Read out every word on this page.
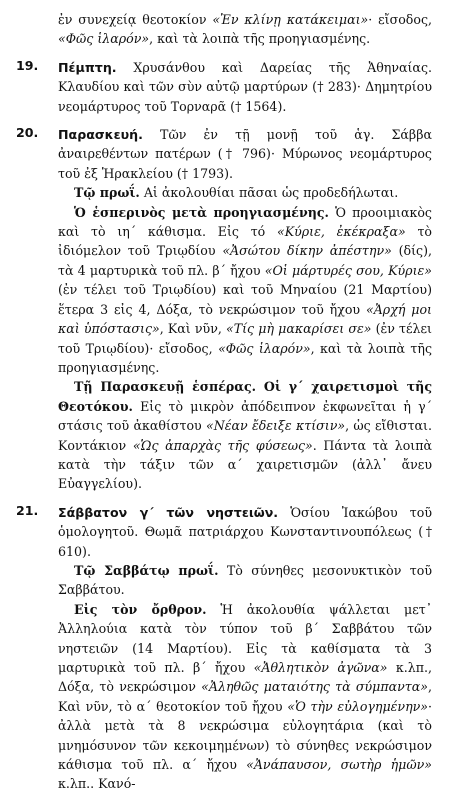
ἐν συνεχείᾳ θεοτοκίον «Ἐν κλίνῃ κατάκειμαι»· εἴσοδος, «Φῶς ἱλαρόν», καὶ τὰ λοιπὰ τῆς προηγιασμένης.
19. Πέμπτη. Χρυσάνθου καὶ Δαρείας τῆς Ἀθηναίας. Κλαυδίου καὶ τῶν σὺν αὐτῷ μαρτύρων († 283)· Δημητρίου νεομάρτυρος τοῦ Τορναρᾶ († 1564).
20. Παρασκευή. Τῶν ἐν τῇ μονῇ τοῦ ἁγ. Σάββα ἀναιρεθέντων πατέρων († 796)· Μύρωνος νεομάρτυρος τοῦ ἐξ Ἡρακλείου († 1793).
Τῷ πρωΐ. Αἱ ἀκολουθίαι πᾶσαι ὡς προδεδήλωται.
Ὁ ἑσπερινὸς μετὰ προηγιασμένης. Ὁ προοιμιακὸς καὶ τὸ ιη΄ κάθισμα. Εἰς τό «Κύριε, ἐκέκραξα» τὸ ἰδιόμελον τοῦ Τριῳδίου «Ἀσώτου δίκην ἀπέστην» (δίς), τὰ 4 μαρτυρικὰ τοῦ πλ. β΄ ἤχου «Οἱ μάρτυρές σου, Κύριε» (ἐν τέλει τοῦ Τριῳδίου) καὶ τοῦ Μηναίου (21 Μαρτίου) ἕτερα 3 εἰς 4, Δόξα, τὸ νεκρώσιμον τοῦ ἤχου «Ἀρχή μοι καὶ ὑπόστασις», Καὶ νῦν, «Τίς μὴ μακαρίσει σε» (ἐν τέλει τοῦ Τριῳδίου)· εἴσοδος, «Φῶς ἱλαρόν», καὶ τὰ λοιπὰ τῆς προηγιασμένης.
Τῇ Παρασκευῇ ἑσπέρας. Οἱ γ΄ χαιρετισμοὶ τῆς Θεοτόκου. Εἰς τὸ μικρὸν ἀπόδειπνον ἐκφωνεῖται ἡ γ΄ στάσις τοῦ ἀκαθίστου «Νέαν ἔδειξε κτίσιν», ὡς εἴθισται. Κοντάκιον «Ὡς ἀπαρχὰς τῆς φύσεως». Πάντα τὰ λοιπὰ κατὰ τὴν τάξιν τῶν α΄ χαιρετισμῶν (ἀλλ᾽ ἄνευ Εὐαγγελίου).
21. Σάββατον γ΄ τῶν νηστειῶν. Ὁσίου Ἰακώβου τοῦ ὁμολογητοῦ. Θωμᾶ πατριάρχου Κωνσταντινουπόλεως († 610).
Τῷ Σαββάτῳ πρωΐ. Τὸ σύνηθες μεσονυκτικὸν τοῦ Σαββάτου.
Εἰς τὸν ὄρθρον. Ἡ ἀκολουθία ψάλλεται μετ᾽ Ἀλληλούια κατὰ τὸν τύπον τοῦ β΄ Σαββάτου τῶν νηστειῶν (14 Μαρτίου). Εἰς τὰ καθίσματα τὰ 3 μαρτυρικὰ τοῦ πλ. β΄ ἤχου «Ἀθλητικὸν ἀγῶνα» κ.λπ., Δόξα, τὸ νεκρώσιμον «Ἀληθῶς ματαιότης τὰ σύμπαντα», Καὶ νῦν, τὸ α΄ θεοτοκίον τοῦ ἤχου «Ὁ τὴν εὐλογημένην»· ἀλλὰ μετὰ τὰ 8 νεκρώσιμα εὐλογητάρια (καὶ τὸ μνημόσυνον τῶν κεκοιμημένων) τὸ σύνηθες νεκρώσιμον κάθισμα τοῦ πλ. α΄ ἤχου «Ἀνάπαυσον, σωτὴρ ἡμῶν» κ.λπ.. Κανό-
